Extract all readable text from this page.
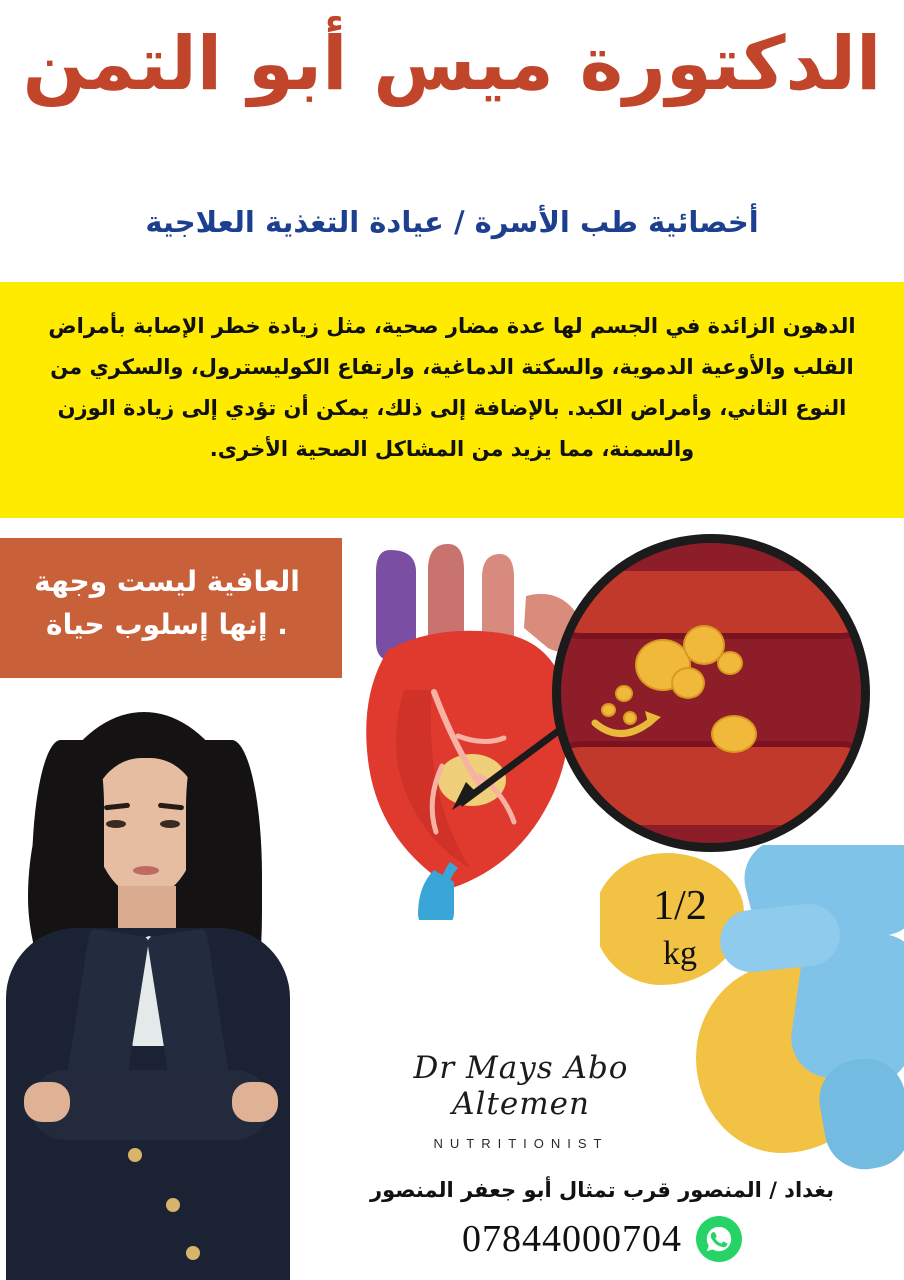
الدكتورة ميس أبو التمن
أخصائية طب الأسرة / عيادة التغذية العلاجية

الدهون الزائدة في الجسم لها عدة مضار صحية، مثل زيادة خطر الإصابة بأمراض القلب والأوعية الدموية، والسكتة الدماغية، وارتفاع الكوليسترول، والسكري من النوع الثاني، وأمراض الكبد. بالإضافة إلى ذلك، يمكن أن تؤدي إلى زيادة الوزن والسمنة، مما يزيد من المشاكل الصحية الأخرى.

العافية ليست وجهة
. إنها إسلوب حياة
1/2
kg
Dr Mays Abo Altemen
NUTRITIONIST
بغداد / المنصور قرب تمثال أبو جعفر المنصور
07844000704
